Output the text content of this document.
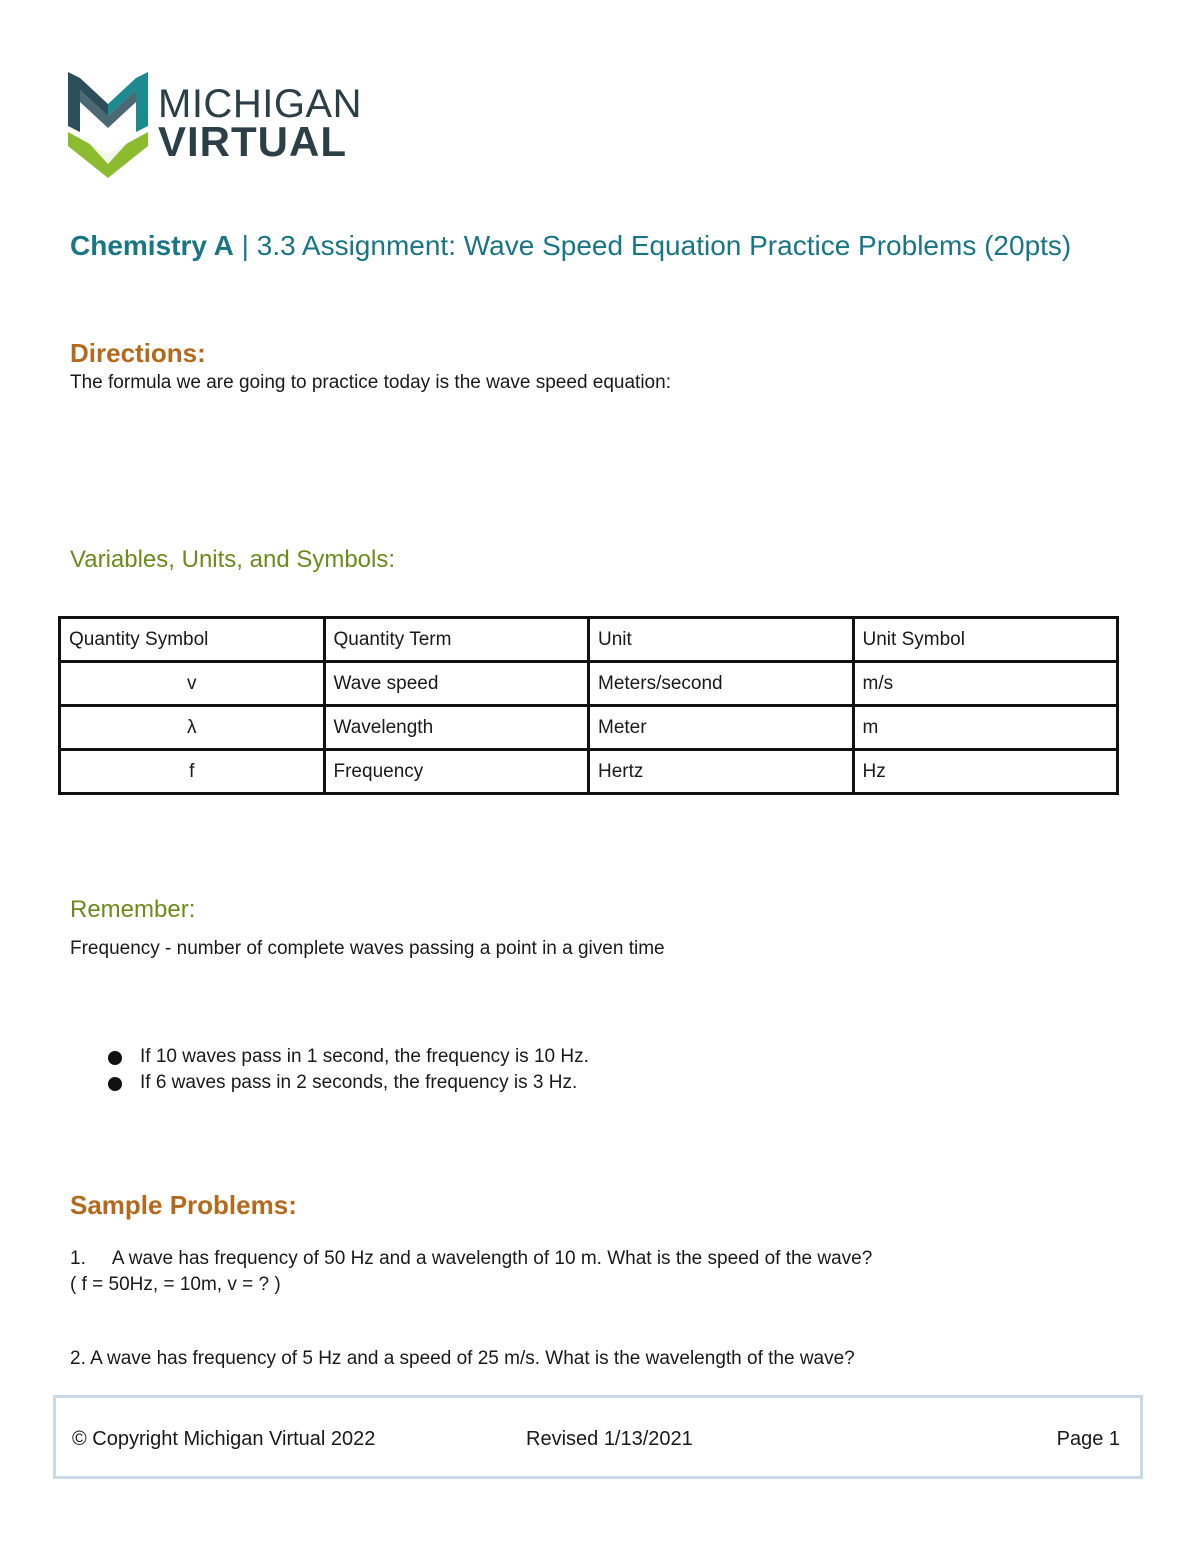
MICHIGAN
VIRTUAL
Chemistry A | 3.3 Assignment: Wave Speed Equation Practice Problems (20pts)
Directions:
The formula we are going to practice today is the wave speed equation:
Variables, Units, and Symbols:
Quantity Symbol	Quantity Term	Unit	Unit Symbol
v	Wave speed	Meters/second	m/s
λ	Wavelength	Meter	m
f	Frequency	Hertz	Hz
Remember:
Frequency - number of complete waves passing a point in a given time
If 10 waves pass in 1 second, the frequency is 10 Hz.
If 6 waves pass in 2 seconds, the frequency is 3 Hz.
Sample Problems:
1. A wave has frequency of 50 Hz and a wavelength of 10 m. What is the speed of the wave?
( f = 50Hz, = 10m, v = ? )
2. A wave has frequency of 5 Hz and a speed of 25 m/s. What is the wavelength of the wave?
© Copyright Michigan Virtual 2022	Revised 1/13/2021	Page 1
